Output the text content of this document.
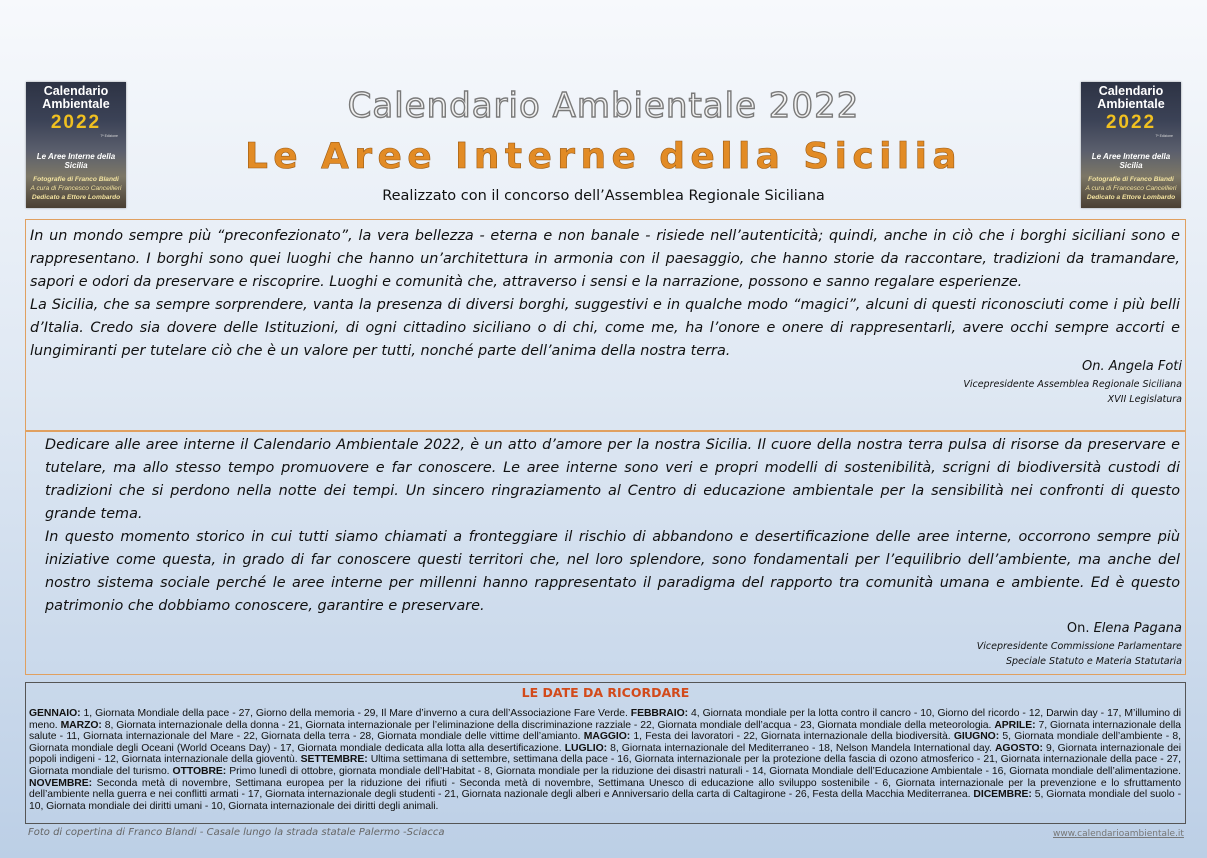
Calendario Ambientale
2022
7ª Edizione
Le Aree Interne della Sicilia
Fotografie di Franco Blandi
A cura di Francesco Cancellieri
Dedicato a Ettore Lombardo
Calendario Ambientale
2022
7ª Edizione
Le Aree Interne della Sicilia
Fotografie di Franco Blandi
A cura di Francesco Cancellieri
Dedicato a Ettore Lombardo
Calendario Ambientale 2022
Le Aree Interne della Sicilia
Realizzato con il concorso dell’Assemblea Regionale Siciliana

In un mondo sempre più “preconfezionato”, la vera bellezza - eterna e non banale - risiede nell’autenticità; quindi, anche in ciò che i borghi siciliani sono e rappresentano. I borghi sono quei luoghi che hanno un’architettura in armonia con il paesaggio, che hanno storie da raccontare, tradizioni da tramandare, sapori e odori da preservare e riscoprire. Luoghi e comunità che, attraverso i sensi e la narrazione, possono e sanno regalare esperienze.

La Sicilia, che sa sempre sorprendere, vanta la presenza di diversi borghi, suggestivi e in qualche modo “magici”, alcuni di questi riconosciuti come i più belli d’Italia. Credo sia dovere delle Istituzioni, di ogni cittadino siciliano o di chi, come me, ha l’onore e onere di rappresentarli, avere occhi sempre accorti e lungimiranti per tutelare ciò che è un valore per tutti, nonché parte dell’anima della nostra terra.

On. Angela Foti
Vicepresidente Assemblea Regionale Siciliana
XVII Legislatura

Dedicare alle aree interne il Calendario Ambientale 2022, è un atto d’amore per la nostra Sicilia. Il cuore della nostra terra pulsa di risorse da preservare e tutelare, ma allo stesso tempo promuovere e far conoscere. Le aree interne sono veri e propri modelli di sostenibilità, scrigni di biodiversità custodi di tradizioni che si perdono nella notte dei tempi. Un sincero ringraziamento al Centro di educazione ambientale per la sensibilità nei confronti di questo grande tema.

In questo momento storico in cui tutti siamo chiamati a fronteggiare il rischio di abbandono e desertificazione delle aree interne, occorrono sempre più iniziative come questa, in grado di far conoscere questi territori che, nel loro splendore, sono fondamentali per l’equilibrio dell’ambiente, ma anche del nostro sistema sociale perché le aree interne per millenni hanno rappresentato il paradigma del rapporto tra comunità umana e ambiente. Ed è questo patrimonio che dobbiamo conoscere, garantire e preservare.

On. Elena Pagana
Vicepresidente Commissione Parlamentare
Speciale Statuto e Materia Statutaria
LE DATE DA RICORDARE
GENNAIO: 1, Giornata Mondiale della pace - 27, Giorno della memoria - 29, Il Mare d’inverno a cura dell’Associazione Fare Verde. FEBBRAIO: 4, Giornata mondiale per la lotta contro il cancro - 10, Giorno del ricordo - 12, Darwin day - 17, M’illumino di meno. MARZO: 8, Giornata internazionale della donna - 21, Giornata internazionale per l’eliminazione della discriminazione razziale - 22, Giornata mondiale dell’acqua - 23, Giornata mondiale della meteorologia. APRILE: 7, Giornata internazionale della salute - 11, Giornata internazionale del Mare - 22, Giornata della terra - 28, Giornata mondiale delle vittime dell’amianto. MAGGIO: 1, Festa dei lavoratori - 22, Giornata internazionale della biodiversità. GIUGNO: 5, Giornata mondiale dell’ambiente - 8, Giornata mondiale degli Oceani (World Oceans Day) - 17, Giornata mondiale dedicata alla lotta alla desertificazione. LUGLIO: 8, Giornata internazionale del Mediterraneo - 18, Nelson Mandela International day. AGOSTO: 9, Giornata internazionale dei popoli indigeni - 12, Giornata internazionale della gioventù. SETTEMBRE: Ultima settimana di settembre, settimana della pace - 16, Giornata internazionale per la protezione della fascia di ozono atmosferico - 21, Giornata internazionale della pace - 27, Giornata mondiale del turismo. OTTOBRE: Primo lunedì di ottobre, giornata mondiale dell’Habitat - 8, Giornata mondiale per la riduzione dei disastri naturali - 14, Giornata Mondiale dell’Educazione Ambientale - 16, Giornata mondiale dell’alimentazione. NOVEMBRE: Seconda metà di novembre, Settimana europea per la riduzione dei rifiuti - Seconda metà di novembre, Settimana Unesco di educazione allo sviluppo sostenibile - 6, Giornata internazionale per la prevenzione e lo sfruttamento dell’ambiente nella guerra e nei conflitti armati - 17, Giornata internazionale degli studenti - 21, Giornata nazionale degli alberi e Anniversario della carta di Caltagirone - 26, Festa della Macchia Mediterranea. DICEMBRE: 5, Giornata mondiale del suolo - 10, Giornata mondiale dei diritti umani - 10, Giornata internazionale dei diritti degli animali.
Foto di copertina di Franco Blandi - Casale lungo la strada statale Palermo -Sciacca	www.calendarioambientale.it
